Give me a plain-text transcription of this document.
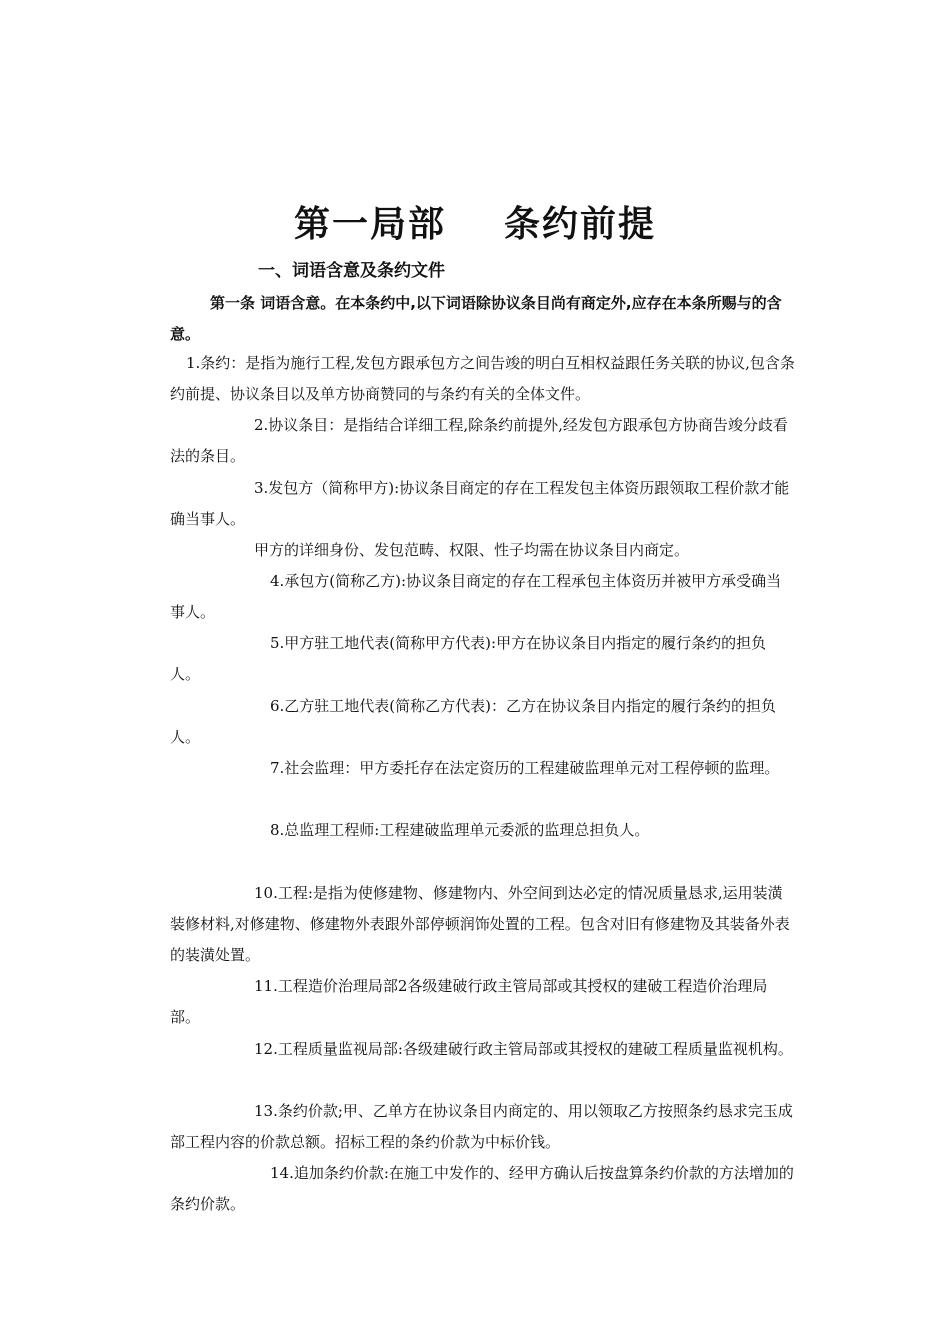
第一局部 条约前提
一、词语含意及条约文件

第一条 词语含意。在本条约中,以下词语除协议条目尚有商定外,应存在本条所赐与的含意。

1.条约：是指为施行工程,发包方跟承包方之间告竣的明白互相权益跟任务关联的协议,包含条约前提、协议条目以及单方协商赞同的与条约有关的全体文件。

2.协议条目：是指结合详细工程,除条约前提外,经发包方跟承包方协商告竣分歧看法的条目。

3.发包方（简称甲方):协议条目商定的存在工程发包主体资历跟领取工程价款才能确当事人。

甲方的详细身份、发包范畴、权限、性子均需在协议条目内商定。

4.承包方(简称乙方):协议条目商定的存在工程承包主体资历并被甲方承受确当事人。

5.甲方驻工地代表(简称甲方代表):甲方在协议条目内指定的履行条约的担负人。

6.乙方驻工地代表(简称乙方代表)：乙方在协议条目内指定的履行条约的担负人。

7.社会监理：甲方委托存在法定资历的工程建破监理单元对工程停顿的监理。

8.总监理工程师:工程建破监理单元委派的监理总担负人。

10.工程:是指为使修建物、修建物内、外空间到达必定的情况质量恳求,运用装潢装修材料,对修建物、修建物外表跟外部停顿润饰处置的工程。包含对旧有修建物及其装备外表的装潢处置。

11.工程造价治理局部2各级建破行政主管局部或其授权的建破工程造价治理局部。

12.工程质量监视局部:各级建破行政主管局部或其授权的建破工程质量监视机构。

13.条约价款;甲、乙单方在协议条目内商定的、用以领取乙方按照条约恳求完玉成部工程内容的价款总额。招标工程的条约价款为中标价钱。

14.追加条约价款:在施工中发作的、经甲方确认后按盘算条约价款的方法增加的条约价款。
